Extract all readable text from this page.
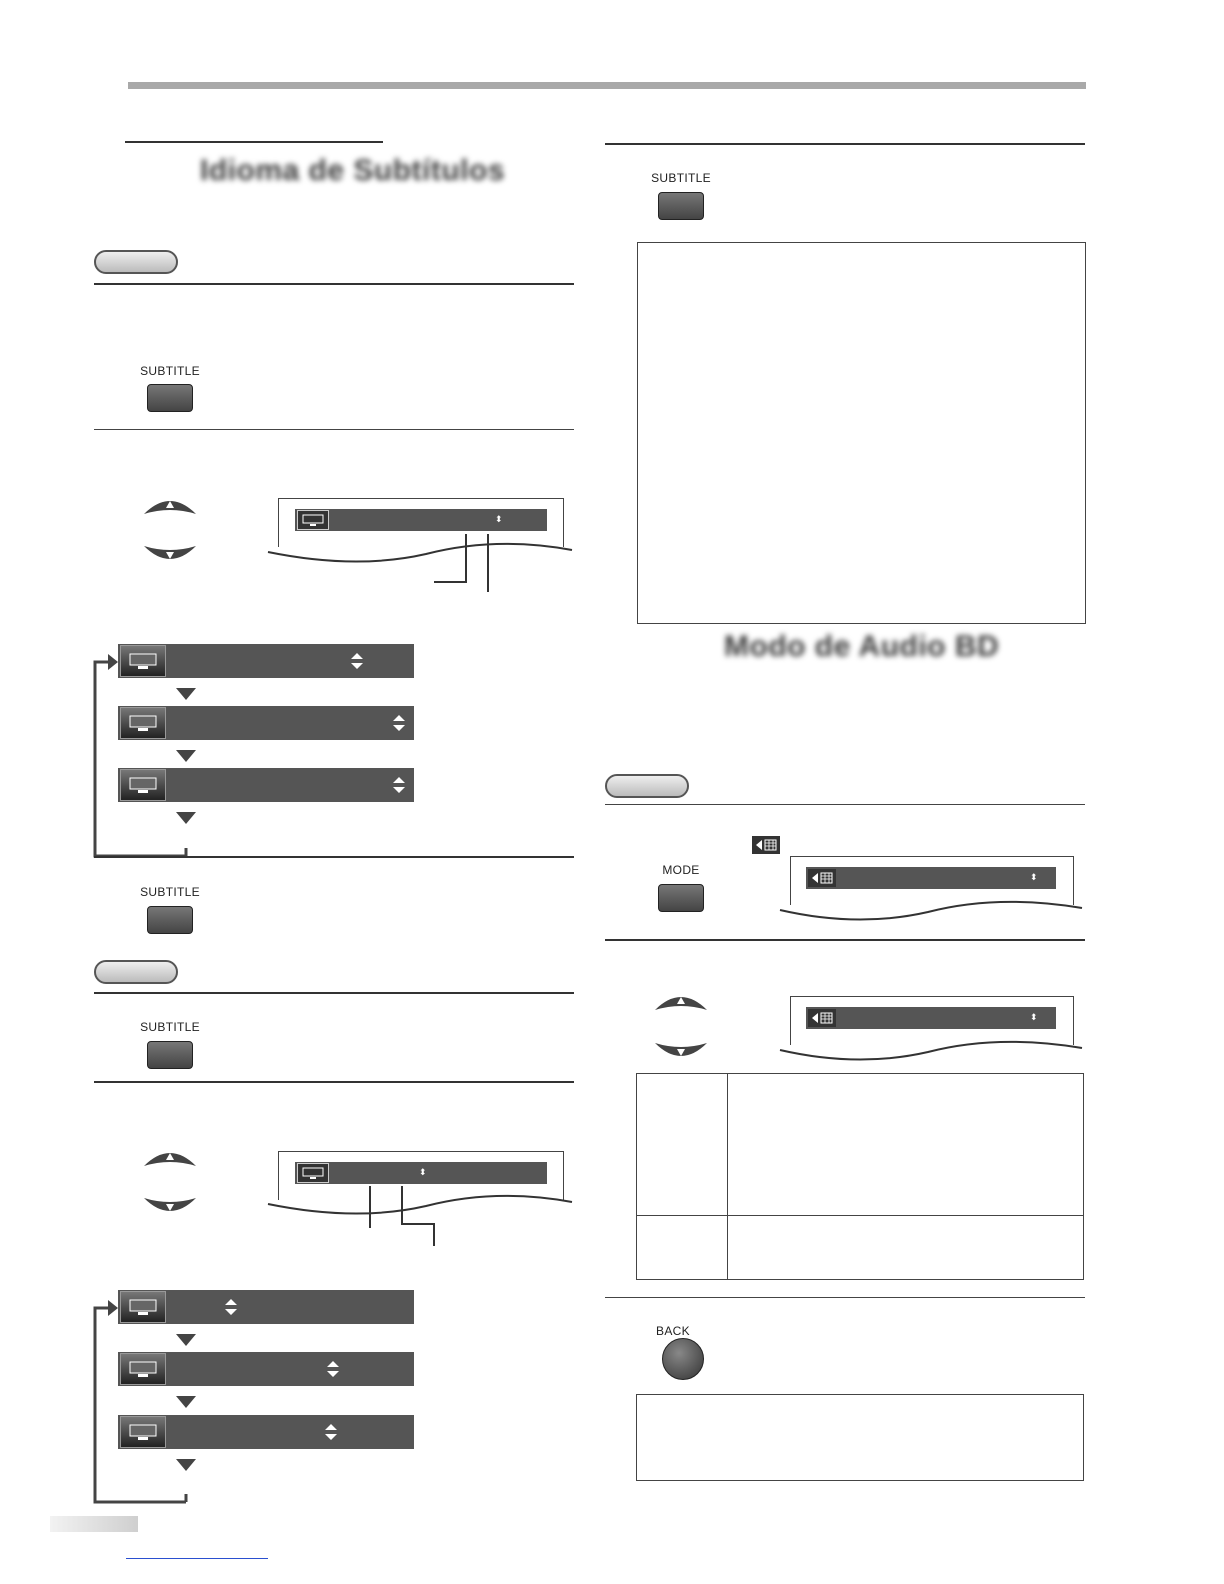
Idioma de Subtítulos
SUBTITLE
⬍
SUBTITLE
SUBTITLE
⬍
SUBTITLE
Modo de Audio BD
MODE	⬍
⬍
BACK
